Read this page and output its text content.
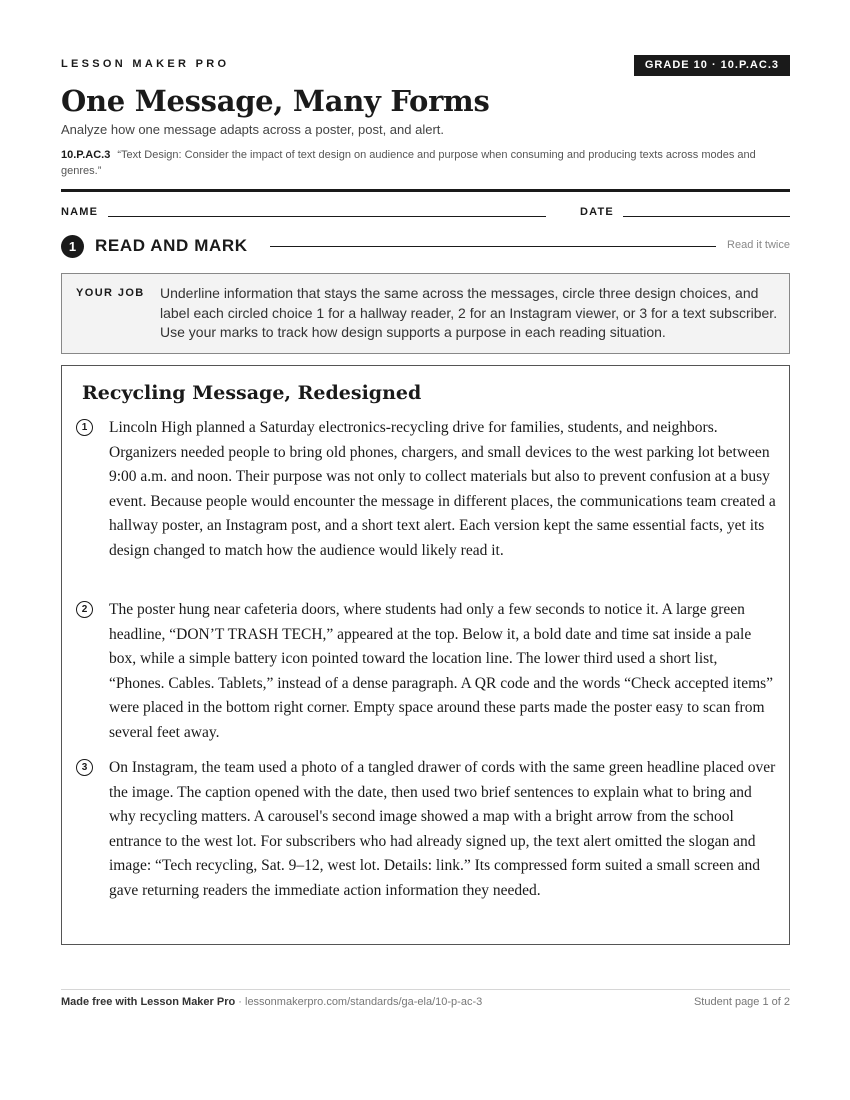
LESSON MAKER PRO	GRADE 10 · 10.P.AC.3
One Message, Many Forms
Analyze how one message adapts across a poster, post, and alert.
10.P.AC.3 “Text Design: Consider the impact of text design on audience and purpose when consuming and producing texts across modes and genres.”
NAME	DATE
1	READ AND MARK	Read it twice
YOUR JOB Underline information that stays the same across the messages, circle three design choices, and label each circled choice 1 for a hallway reader, 2 for an Instagram viewer, or 3 for a text subscriber. Use your marks to track how design supports a purpose in each reading situation.
Recycling Message, Redesigned
1	Lincoln High planned a Saturday electronics-recycling drive for families, students, and neighbors. Organizers needed people to bring old phones, chargers, and small devices to the west parking lot between 9:00 a.m. and noon. Their purpose was not only to collect materials but also to prevent confusion at a busy event. Because people would encounter the message in different places, the communications team created a hallway poster, an Instagram post, and a short text alert. Each version kept the same essential facts, yet its design changed to match how the audience would likely read it.

2	The poster hung near cafeteria doors, where students had only a few seconds to notice it. A large green headline, “DON’T TRASH TECH,” appeared at the top. Below it, a bold date and time sat inside a pale box, while a simple battery icon pointed toward the location line. The lower third used a short list, “Phones. Cables. Tablets,” instead of a dense paragraph. A QR code and the words “Check accepted items” were placed in the bottom right corner. Empty space around these parts made the poster easy to scan from several feet away.

3	On Instagram, the team used a photo of a tangled drawer of cords with the same green headline placed over the image. The caption opened with the date, then used two brief sentences to explain what to bring and why recycling matters. A carousel's second image showed a map with a bright arrow from the school entrance to the west lot. For subscribers who had already signed up, the text alert omitted the slogan and image: “Tech recycling, Sat. 9–12, west lot. Details: link.” Its compressed form suited a small screen and gave returning readers the immediate action information they needed.

Made free with Lesson Maker Pro · lessonmakerpro.com/standards/ga-ela/10-p-ac-3	Student page 1 of 2
